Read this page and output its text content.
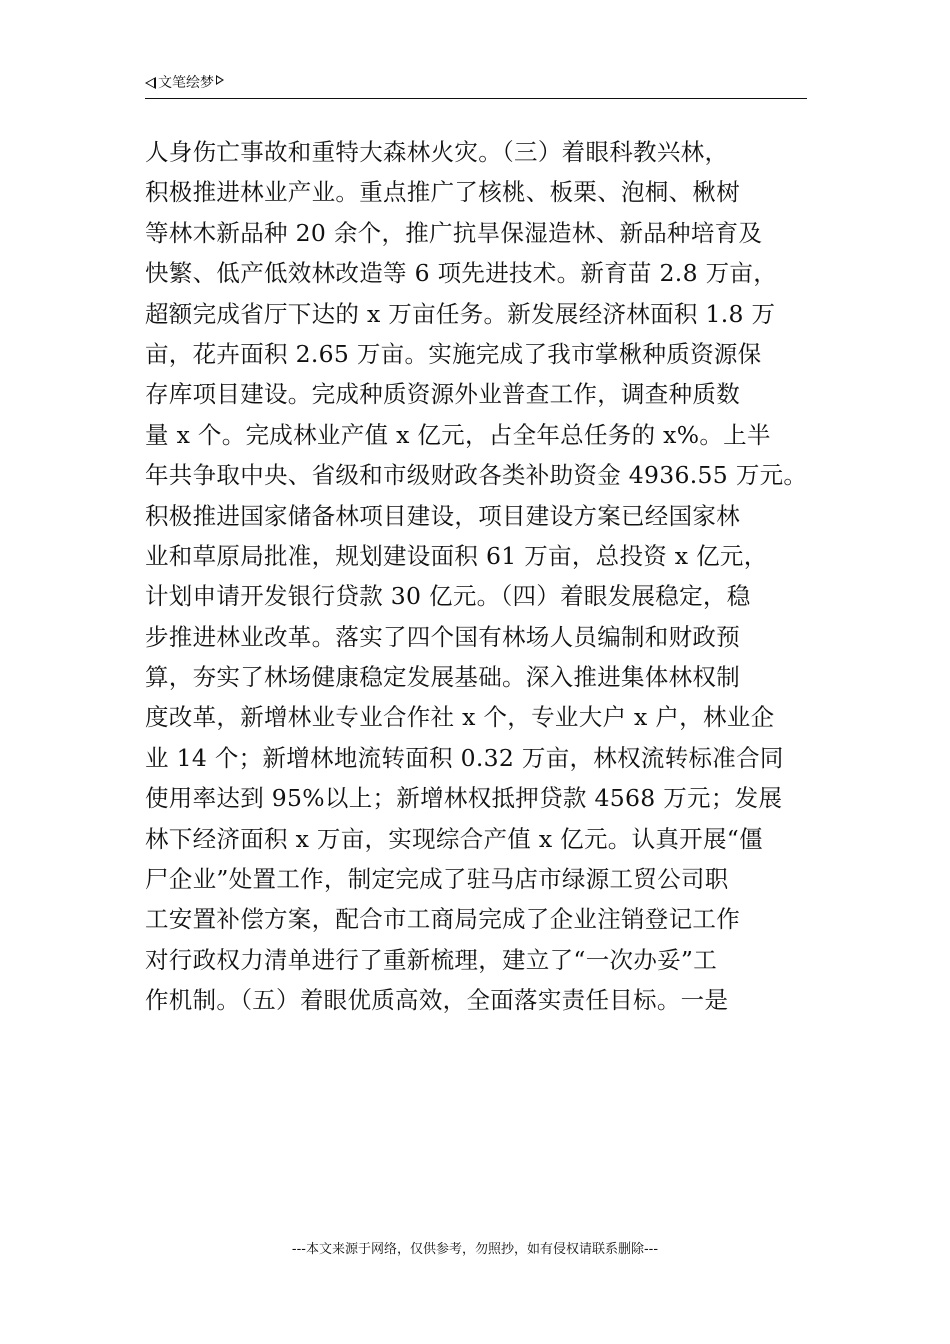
文笔绘梦
人身伤亡事故和重特大森林火灾。（三）着眼科教兴林，
积极推进林业产业。重点推广了核桃、板栗、泡桐、楸树
等林木新品种 20 余个，推广抗旱保湿造林、新品种培育及
快繁、低产低效林改造等 6 项先进技术。新育苗 2.8 万亩，
超额完成省厅下达的 x 万亩任务。新发展经济林面积 1.8 万
亩，花卉面积 2.65 万亩。实施完成了我市掌楸种质资源保
存库项目建设。完成种质资源外业普查工作，调查种质数
量 x 个。完成林业产值 x 亿元，占全年总任务的 x%。上半
年共争取中央、省级和市级财政各类补助资金 4936.55 万元。
积极推进国家储备林项目建设，项目建设方案已经国家林
业和草原局批准，规划建设面积 61 万亩，总投资 x 亿元，
计划申请开发银行贷款 30 亿元。（四）着眼发展稳定，稳
步推进林业改革。落实了四个国有林场人员编制和财政预
算，夯实了林场健康稳定发展基础。深入推进集体林权制
度改革，新增林业专业合作社 x 个，专业大户 x 户，林业企
业 14 个；新增林地流转面积 0.32 万亩，林权流转标准合同
使用率达到 95%以上；新增林权抵押贷款 4568 万元；发展
林下经济面积 x 万亩，实现综合产值 x 亿元。认真开展“僵
尸企业”处置工作，制定完成了驻马店市绿源工贸公司职
工安置补偿方案，配合市工商局完成了企业注销登记工作
对行政权力清单进行了重新梳理，建立了“一次办妥”工
作机制。（五）着眼优质高效，全面落实责任目标。一是
---本文来源于网络，仅供参考，勿照抄，如有侵权请联系删除---
